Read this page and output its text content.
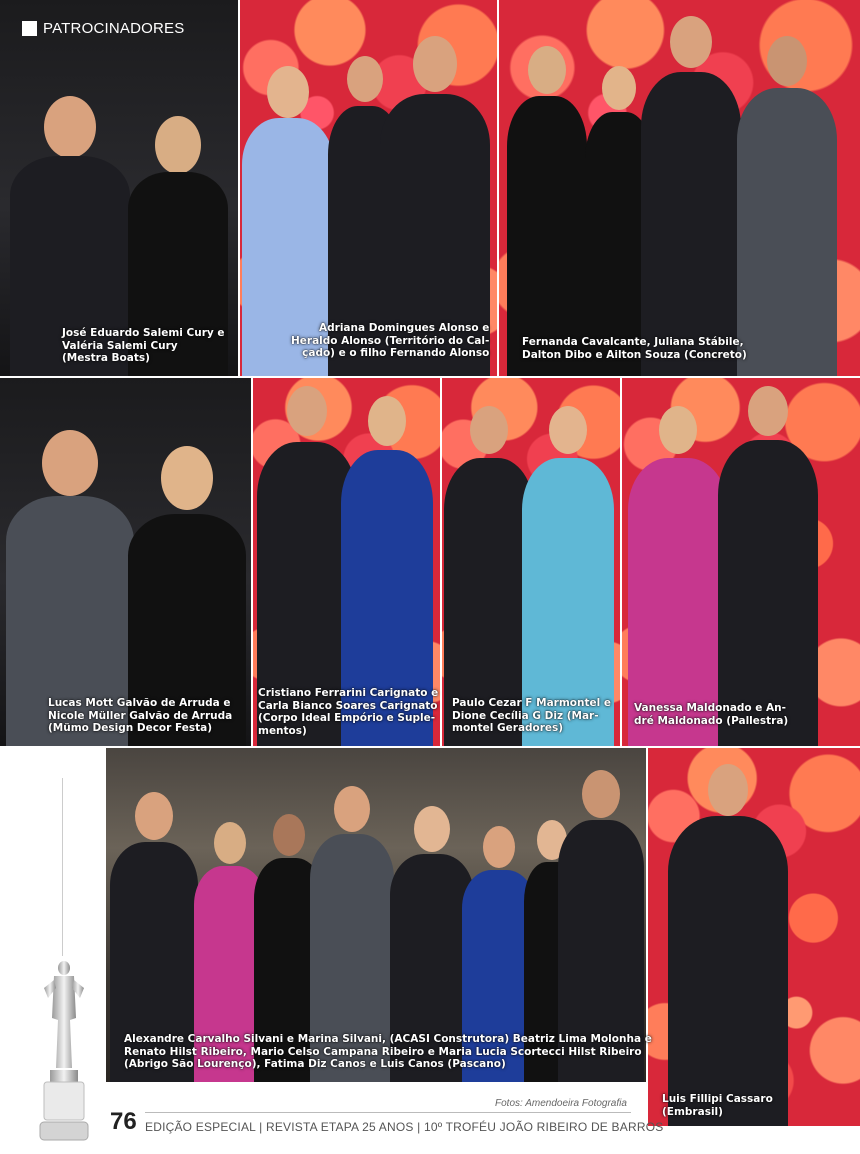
PATROCINADORES

José Eduardo Salemi Cury e
Valéria Salemi Cury
(Mestra Boats)

Adriana Domingues Alonso e
Heraldo Alonso (Território do Cal-
çado) e o filho Fernando Alonso

Fernanda Cavalcante, Juliana Stábile,
Dalton Dibo e Ailton Souza (Concreto)

Lucas Mott Galvão de Arruda e
Nicole Müller Galvão de Arruda
(Mümo Design Decor Festa)

Cristiano Ferrarini Carignato e
Carla Bianco Soares Carignato
(Corpo Ideal Empório e Suple-
mentos)

Paulo Cezar F Marmontel e
Dione Cecília G Diz (Mar-
montel Geradores)

Vanessa Maldonado e An-
dré Maldonado (Pallestra)

Alexandre Carvalho Silvani e Marina Silvani, (ACASI Construtora) Beatriz Lima Molonha e
Renato Hilst Ribeiro, Mario Celso Campana Ribeiro e Maria Lucia Scortecci Hilst Ribeiro
(Abrigo São Lourenço), Fatima Diz Canos e Luis Canos (Pascano)

Luis Fillipi Cassaro
(Embrasil)

Fotos: Amendoeira Fotografia
76 EDIÇÃO ESPECIAL | REVISTA ETAPA 25 ANOS | 10º TROFÉU JOÃO RIBEIRO DE BARROS
